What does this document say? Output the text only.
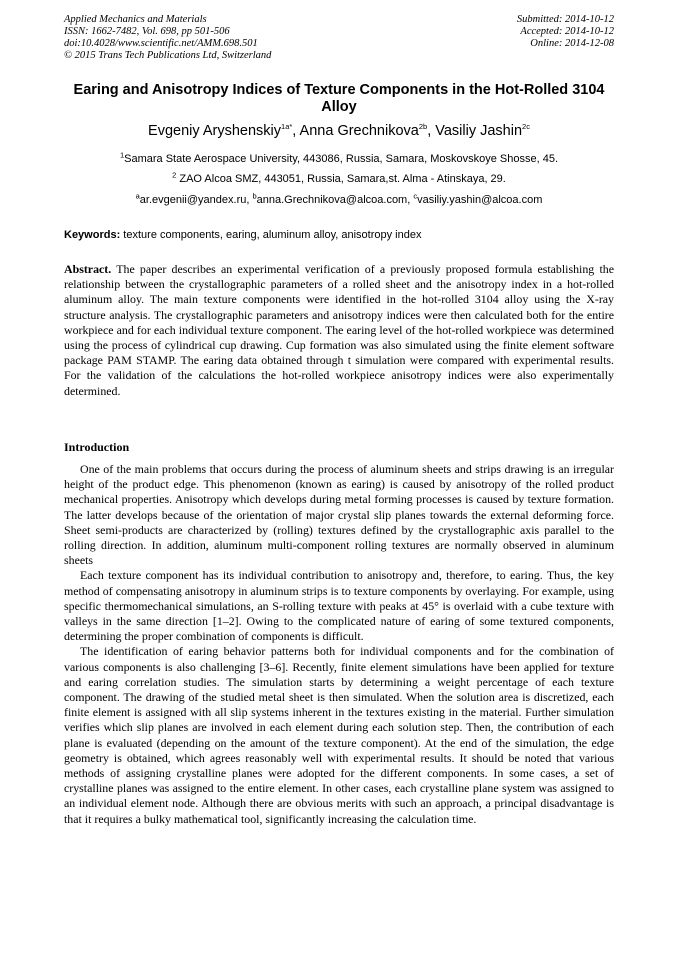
Applied Mechanics and Materials
ISSN: 1662-7482, Vol. 698, pp 501-506
doi:10.4028/www.scientific.net/AMM.698.501
© 2015 Trans Tech Publications Ltd, Switzerland
Submitted: 2014-10-12
Accepted: 2014-10-12
Online: 2014-12-08
Earing and Anisotropy Indices of Texture Components in the Hot-Rolled 3104 Alloy
Evgeniy Aryshenskiy$^{1a*}$, Anna Grechnikova$^{2b}$, Vasiliy Jashin$^{2c}$
$^1$Samara State Aerospace University, 443086, Russia, Samara, Moskovskoye Shosse, 45.
$^2$ ZAO Alcoa SMZ, 443051, Russia, Samara,st. Alma - Atinskaya, 29.
$^a$ar.evgenii@yandex.ru, $^b$anna.Grechnikova@alcoa.com, $^c$vasiliy.yashin@alcoa.com
Keywords: texture components, earing, aluminum alloy, anisotropy index
Abstract. The paper describes an experimental verification of a previously proposed formula establishing the relationship between the crystallographic parameters of a rolled sheet and the anisotropy index in a hot-rolled aluminum alloy. The main texture components were identified in the hot-rolled 3104 alloy using the X-ray structure analysis. The crystallographic parameters and anisotropy indices were then calculated both for the entire workpiece and for each individual texture component. The earing level of the hot-rolled workpiece was determined using the process of cylindrical cup drawing. Cup formation was also simulated using the finite element software package PAM STAMP. The earing data obtained through t simulation were compared with experimental results. For the validation of the calculations the hot-rolled workpiece anisotropy indices were also experimentally determined.
Introduction

One of the main problems that occurs during the process of aluminum sheets and strips drawing is an irregular height of the product edge. This phenomenon (known as earing) is caused by anisotropy of the rolled product mechanical properties. Anisotropy which develops during metal forming processes is caused by texture formation. The latter develops because of the orientation of major crystal slip planes towards the external deforming force. Sheet semi-products are characterized by (rolling) textures defined by the crystallographic axis parallel to the rolling direction. In addition, aluminum multi-component rolling textures are normally observed in aluminum sheets

Each texture component has its individual contribution to anisotropy and, therefore, to earing. Thus, the key method of compensating anisotropy in aluminum strips is to texture components by overlaying. For example, using specific thermomechanical simulations, an S-rolling texture with peaks at 45° is overlaid with a cube texture with valleys in the same direction [1–2]. Owing to the complicated nature of earing of some textured components, determining the proper combination of components is difficult.

The identification of earing behavior patterns both for individual components and for the combination of various components is also challenging [3–6]. Recently, finite element simulations have been applied for texture and earing correlation studies. The simulation starts by determining a weight percentage of each texture component. The drawing of the studied metal sheet is then simulated. When the solution area is discretized, each finite element is assigned with all slip systems inherent in the textures existing in the material. Further simulation verifies which slip planes are involved in each element during each solution step. Then, the contribution of each plane is evaluated (depending on the amount of the texture component). At the end of the simulation, the edge geometry is obtained, which agrees reasonably well with experimental results. It should be noted that various methods of assigning crystalline planes were adopted for the different components. In some cases, a set of crystalline planes was assigned to the entire element. In other cases, each crystalline plane system was assigned to an individual element node. Although there are obvious merits with such an approach, a principal disadvantage is that it requires a bulky mathematical tool, significantly increasing the calculation time.
